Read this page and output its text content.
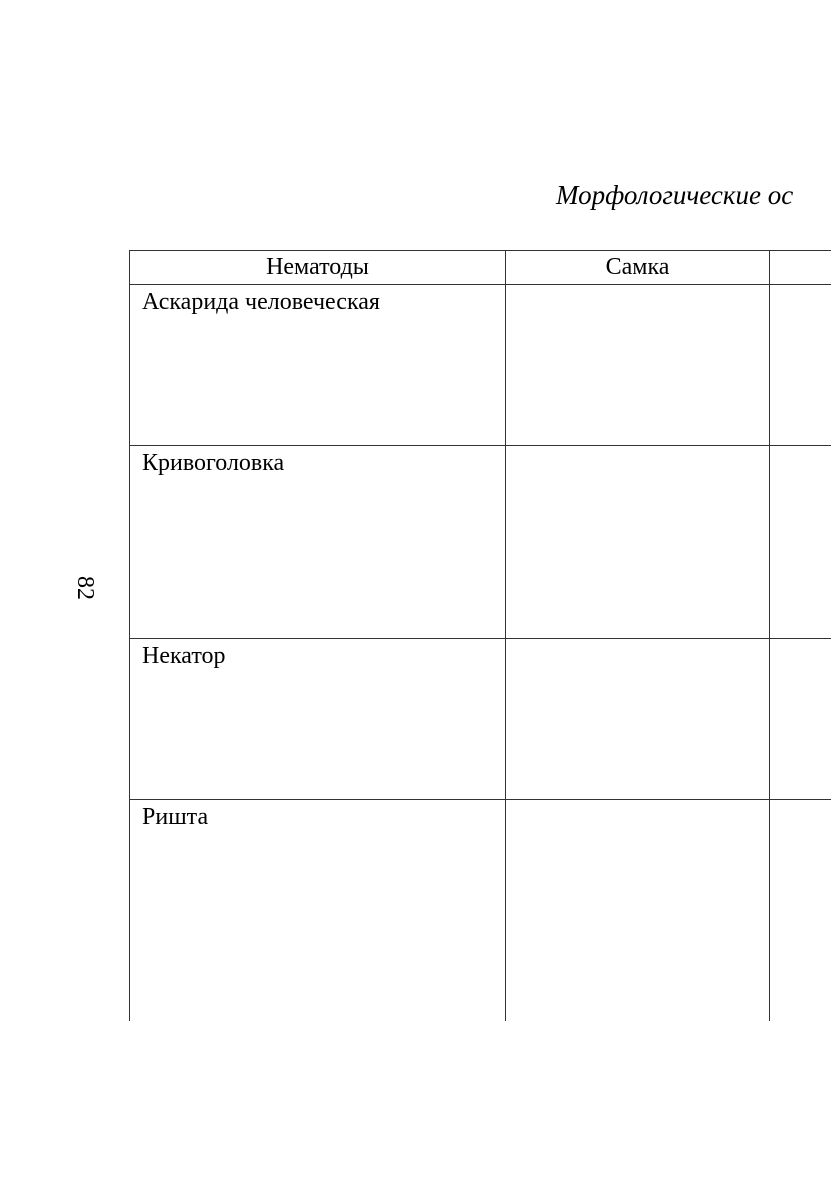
Морфологические ос
82
Нематоды	Самка	
Аскарида человеческая		
Кривоголовка		
Некатор		
Ришта		
